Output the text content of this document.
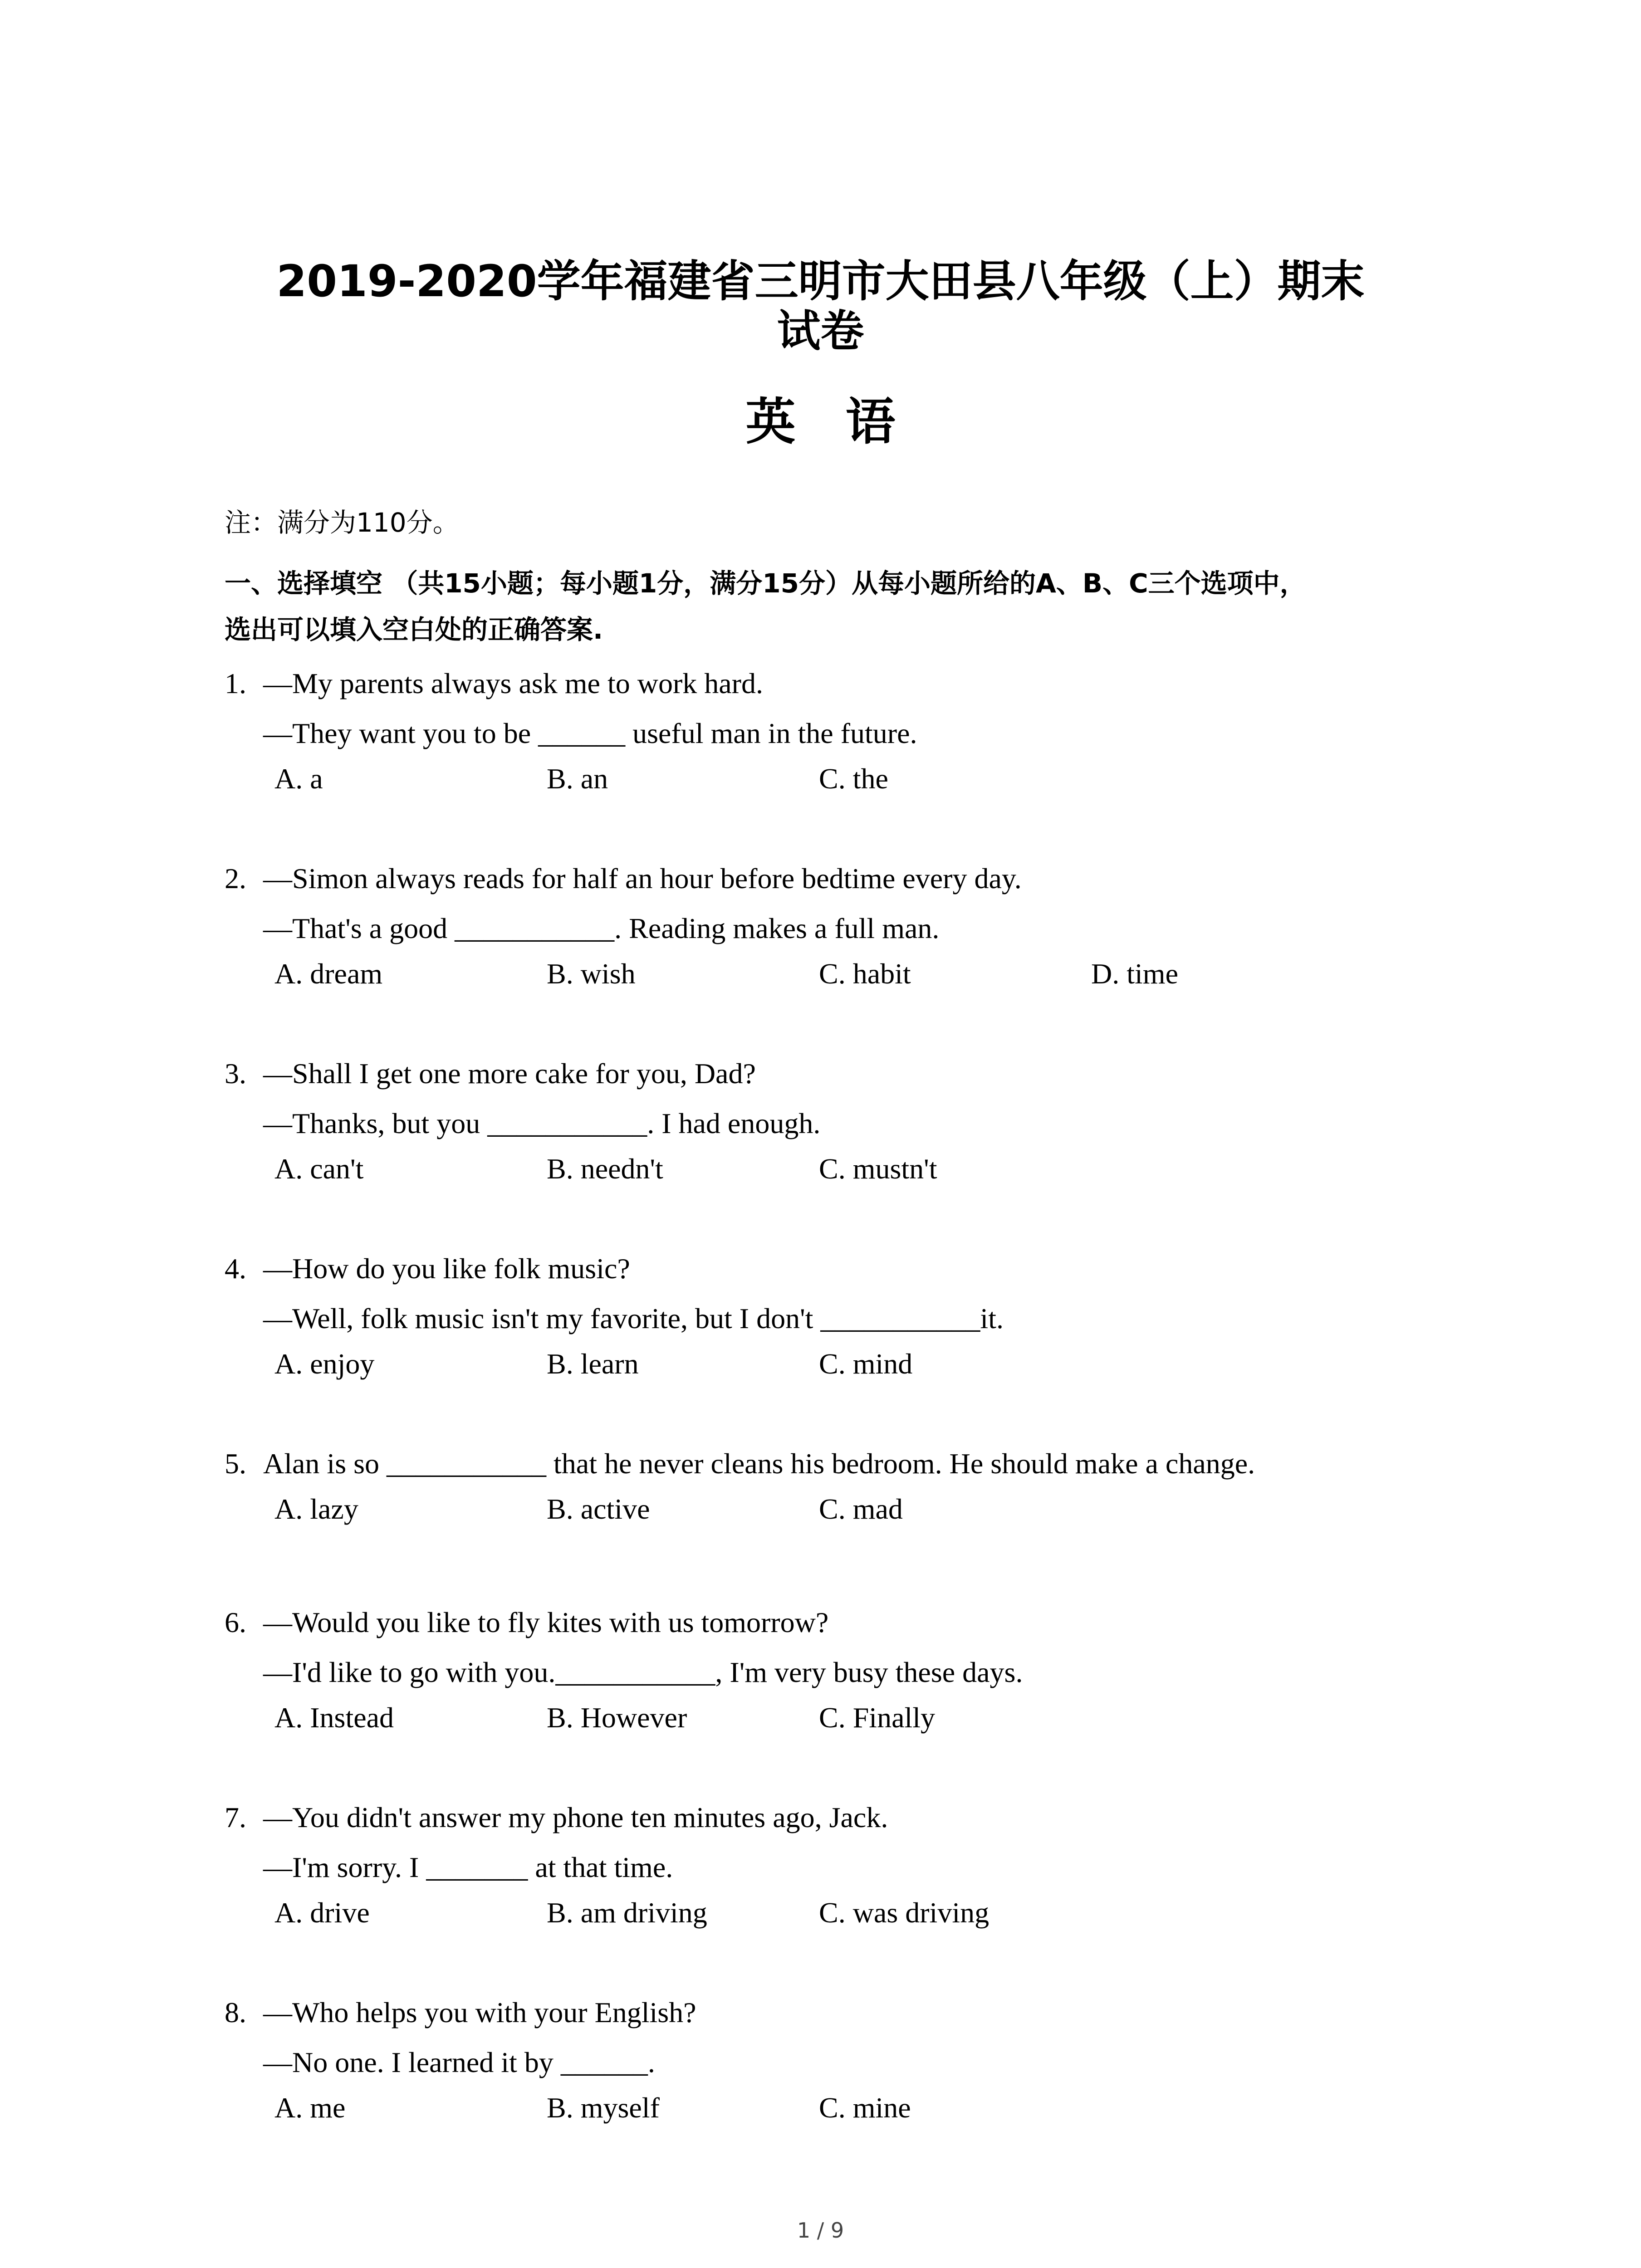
2019-2020学年福建省三明市大田县八年级（上）期末
试卷
英语
注：满分为110分。
一、选择填空 （共15小题；每小题1分，满分15分）从每小题所给的A、B、C三个选项中，
选出可以填入空白处的正确答案.
1. —My parents always ask me to work hard.
—They want you to be ______ useful man in the future.
A. a	B. an	C. the
2. —Simon always reads for half an hour before bedtime every day.
—That's a good ___________. Reading makes a full man.
A. dream	B. wish	C. habit	D. time
3. —Shall I get one more cake for you, Dad?
—Thanks, but you ___________. I had enough.
A. can't	B. needn't	C. mustn't
4. —How do you like folk music?
—Well, folk music isn't my favorite, but I don't ___________it.
A. enjoy	B. learn	C. mind
5. Alan is so ___________ that he never cleans his bedroom. He should make a change.
A. lazy	B. active	C. mad
6. —Would you like to fly kites with us tomorrow?
—I'd like to go with you.___________, I'm very busy these days.
A. Instead	B. However	C. Finally
7. —You didn't answer my phone ten minutes ago, Jack.
—I'm sorry. I _______ at that time.
A. drive	B. am driving	C. was driving
8. —Who helps you with your English?
—No one. I learned it by ______.
A. me	B. myself	C. mine
1 / 9
